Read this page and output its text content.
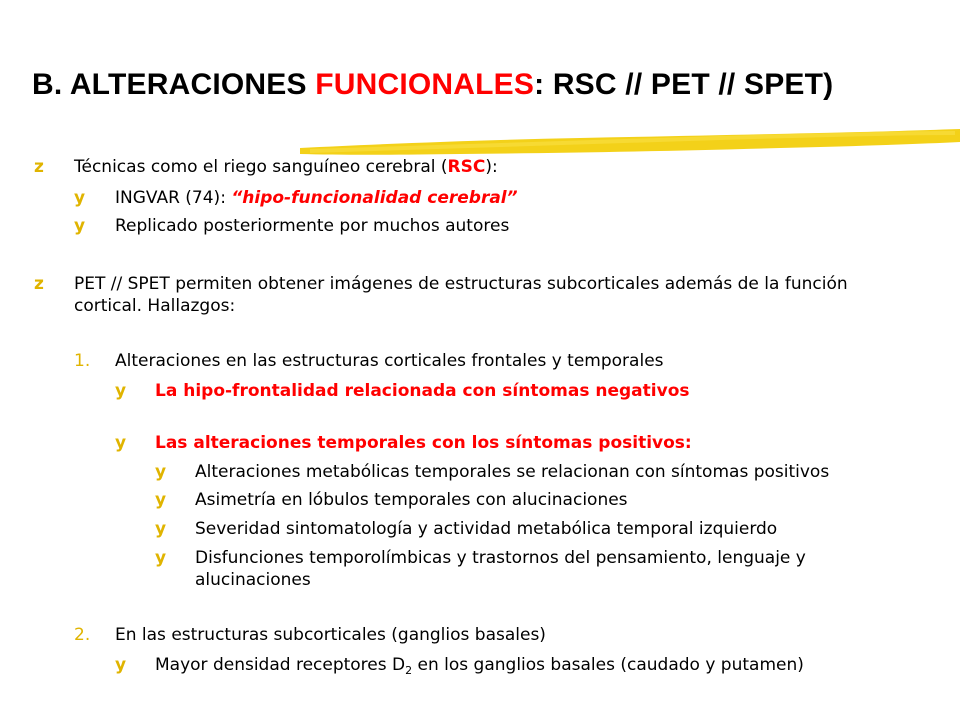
B. ALTERACIONES FUNCIONALES: RSC // PET // SPET)
z Técnicas como el riego sanguíneo cerebral (RSC):
y INGVAR (74): “hipo-funcionalidad cerebral”
y Replicado posteriormente por muchos autores
z PET // SPET permiten obtener imágenes de estructuras subcorticales además de la función
cortical. Hallazgos:
1. Alteraciones en las estructuras corticales frontales y temporales
y La hipo-frontalidad relacionada con síntomas negativos
y Las alteraciones temporales con los síntomas positivos:
y Alteraciones metabólicas temporales se relacionan con síntomas positivos
y Asimetría en lóbulos temporales con alucinaciones
y Severidad sintomatología y actividad metabólica temporal izquierdo
y Disfunciones temporolímbicas y trastornos del pensamiento, lenguaje y
alucinaciones
2. En las estructuras subcorticales (ganglios basales)
y Mayor densidad receptores $D_2$ en los ganglios basales (caudado y putamen)
